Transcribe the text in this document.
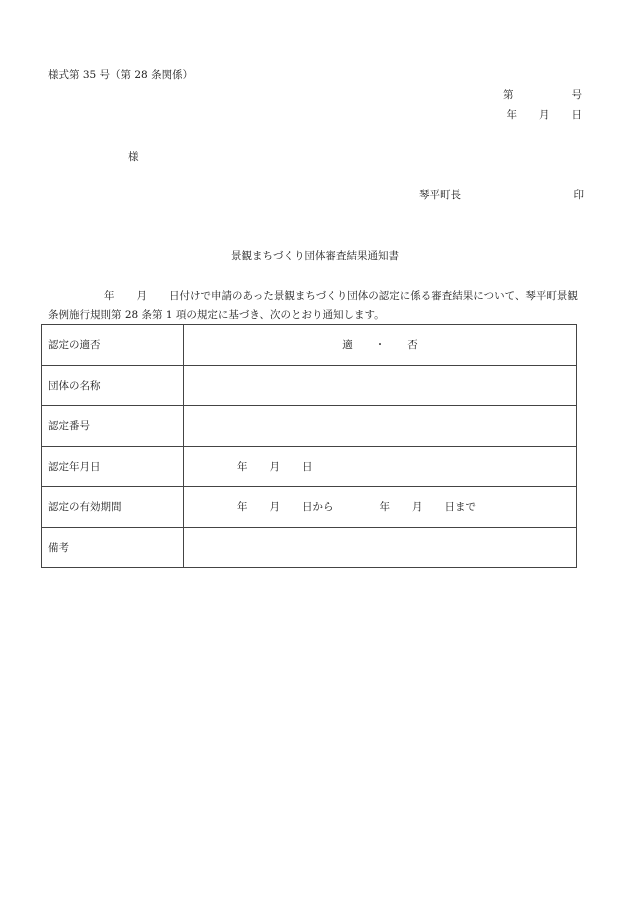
様式第 35 号（第 28 条関係）
第	号
年 月 日
様
琴平町長	印
景観まちづくり団体審査結果通知書
年 月 日付けで申請のあった景観まちづくり団体の認定に係る審査結果について、琴平町景観条例施行規則第 28 条第 1 項の規定に基づき、次のとおり通知します。
認定の適否	適 ・ 否
団体の名称	
認定番号	
認定年月日	年 月 日
認定の有効期間	年 月 日から 年 月 日まで
備考	
